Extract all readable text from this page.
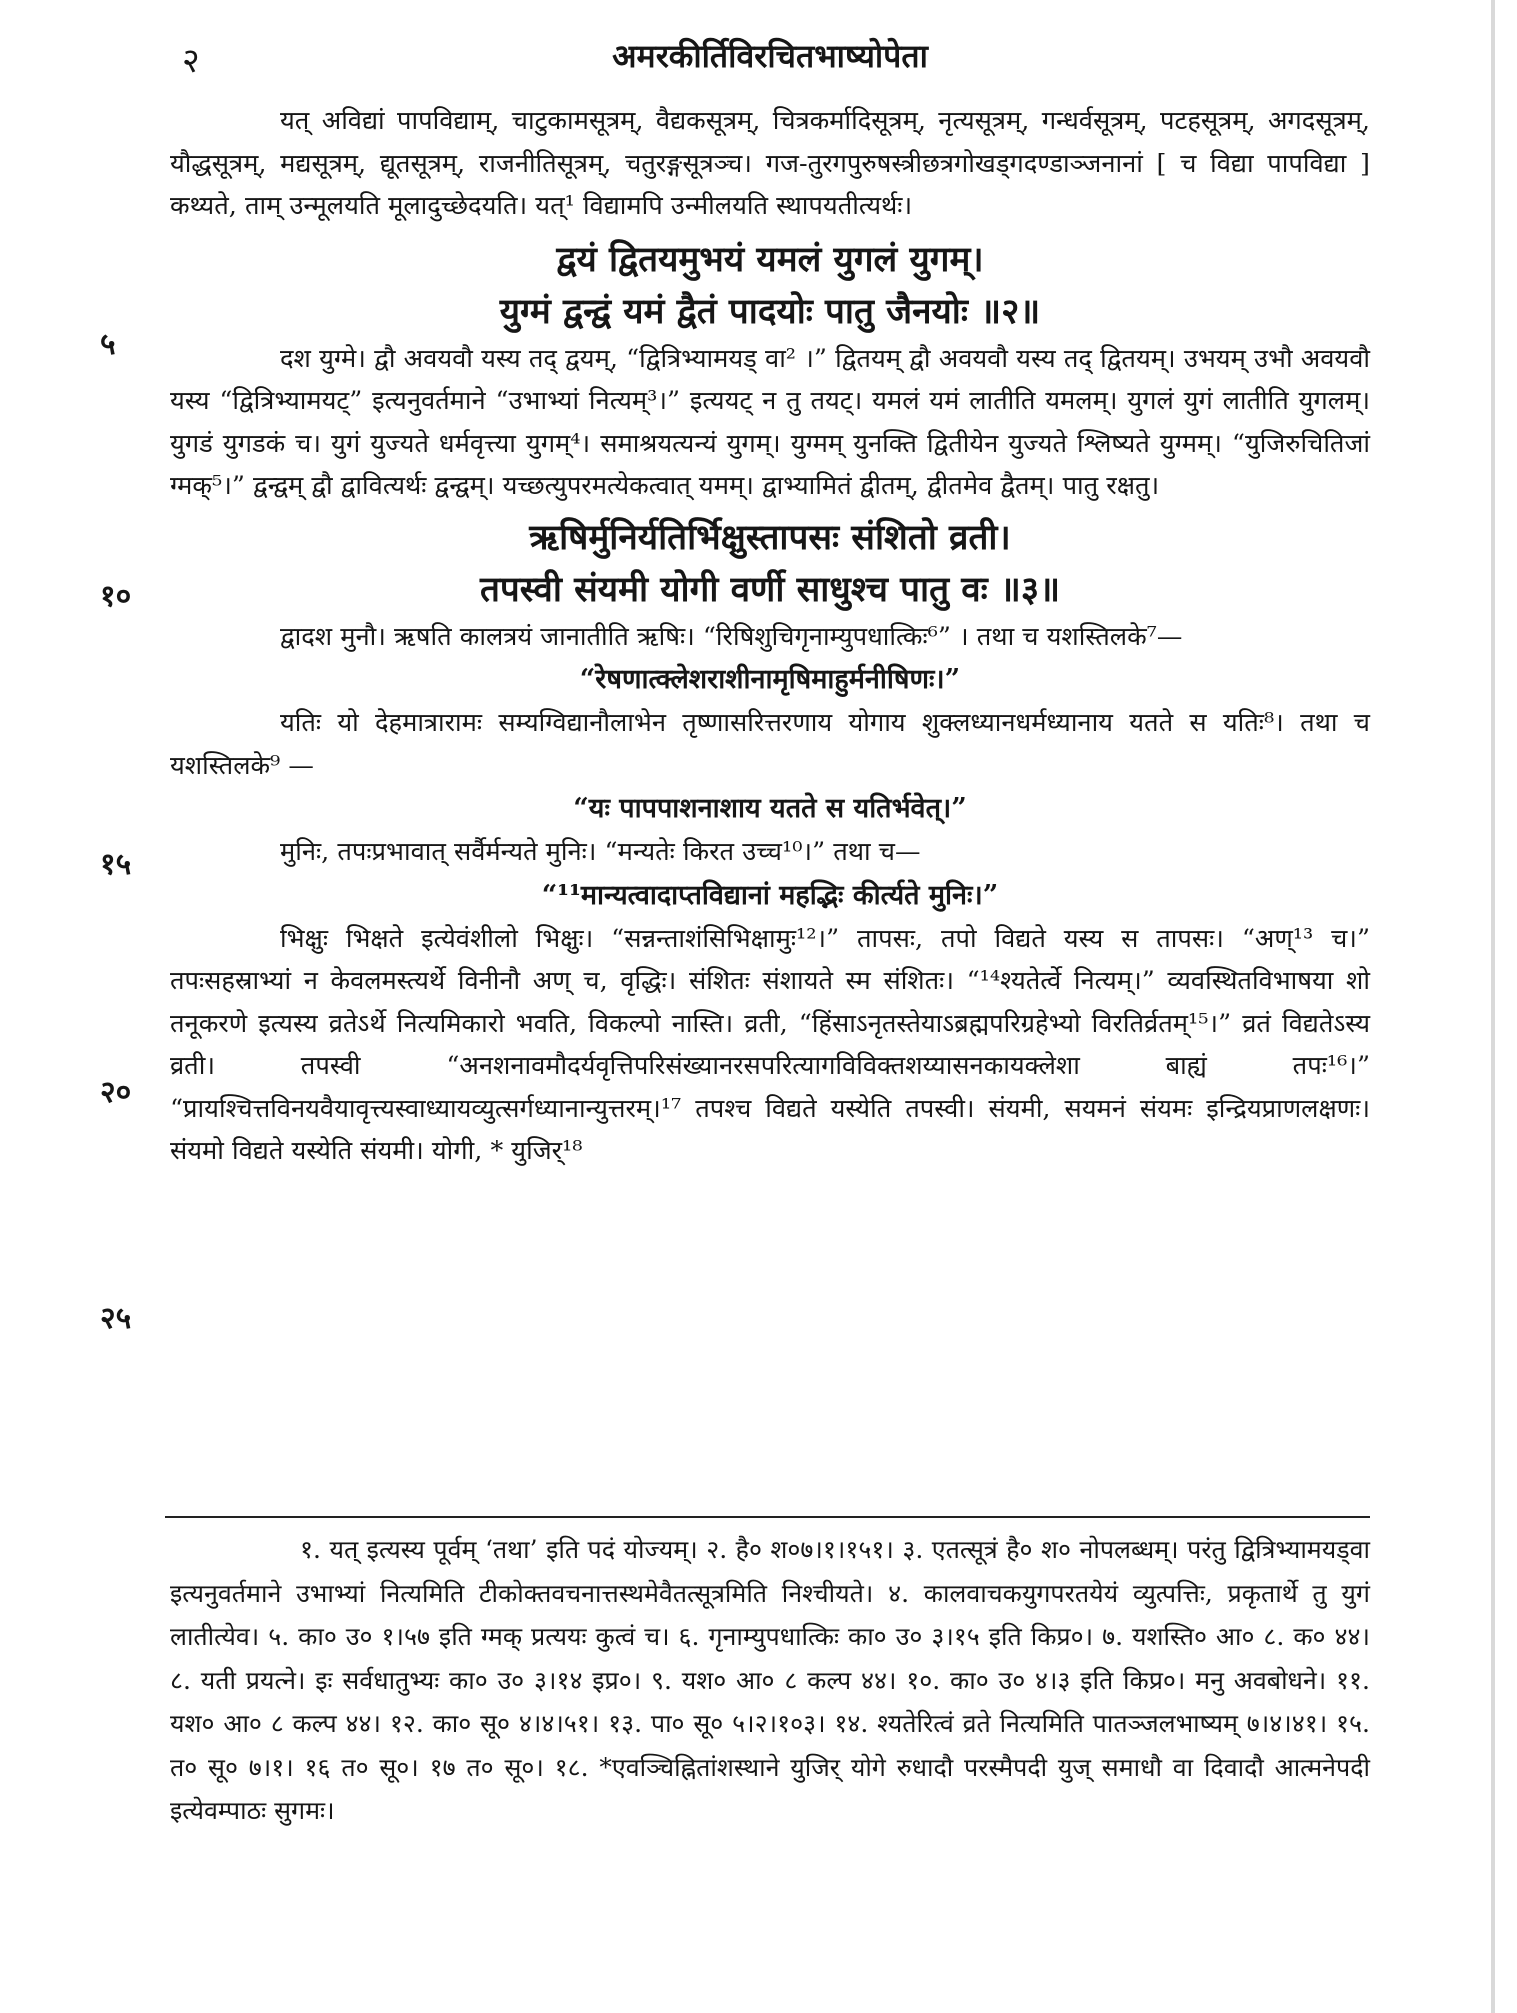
२	अमरकीर्तिविरचितभाष्योपेता
५
१०
१५
२०
२५

यत् अविद्यां पापविद्याम्, चाटुकामसूत्रम्, वैद्यकसूत्रम्, चित्रकर्मादिसूत्रम्, नृत्यसूत्रम्, गन्धर्वसूत्रम्, पटहसूत्रम्, अगदसूत्रम्, यौद्धसूत्रम्, मद्यसूत्रम्, द्यूतसूत्रम्, राजनीतिसूत्रम्, चतुरङ्गसूत्रञ्च। गज-तुरगपुरुषस्त्रीछत्रगोखड्गदण्डाञ्जनानां [ च विद्या पापविद्या ] कथ्यते, ताम् उन्मूलयति मूलादुच्छेदयति। यत्¹ विद्यामपि उन्मीलयति स्थापयतीत्यर्थः।

द्वयं द्वितयमुभयं यमलं युगलं युगम्।

युग्मं द्वन्द्वं यमं द्वैतं पादयोः पातु जैनयोः ॥२॥

दश युग्मे। द्वौ अवयवौ यस्य तद् द्वयम्, “द्वित्रिभ्यामयड् वा² ।” द्वितयम् द्वौ अवयवौ यस्य तद् द्वितयम्। उभयम् उभौ अवयवौ यस्य “द्वित्रिभ्यामयट्” इत्यनुवर्तमाने “उभाभ्यां नित्यम्³।” इत्ययट् न तु तयट्। यमलं यमं लातीति यमलम्। युगलं युगं लातीति युगलम्। युगडं युगडकं च। युगं युज्यते धर्मवृत्त्या युगम्⁴। समाश्रयत्यन्यं युगम्। युग्मम् युनक्ति द्वितीयेन युज्यते श्लिष्यते युग्मम्। “युजिरुचितिजां ग्मक्⁵।” द्वन्द्वम् द्वौ द्वावित्यर्थः द्वन्द्वम्। यच्छत्युपरमत्येकत्वात् यमम्। द्वाभ्यामितं द्वीतम्, द्वीतमेव द्वैतम्। पातु रक्षतु।

ऋषिर्मुनिर्यतिर्भिक्षुस्तापसः संशितो व्रती।

तपस्वी संयमी योगी वर्णी साधुश्च पातु वः ॥३॥

द्वादश मुनौ। ऋषति कालत्रयं जानातीति ऋषिः। “रिषिशुचिगृनाम्युपधात्किः⁶” । तथा च यशस्तिलके⁷—

“रेषणात्क्लेशराशीनामृषिमाहुर्मनीषिणः।”

यतिः यो देहमात्रारामः सम्यग्विद्यानौलाभेन तृष्णासरित्तरणाय योगाय शुक्लध्यानधर्मध्यानाय यतते स यतिः⁸। तथा च यशस्तिलके⁹ —

“यः पापपाशनाशाय यतते स यतिर्भवेत्।”

मुनिः, तपःप्रभावात् सर्वैर्मन्यते मुनिः। “मन्यतेः किरत उच्च¹⁰।” तथा च—

“¹¹मान्यत्वादाप्तविद्यानां महद्भिः कीर्त्यते मुनिः।”

भिक्षुः भिक्षते इत्येवंशीलो भिक्षुः। “सन्नन्ताशंसिभिक्षामुः¹²।” तापसः, तपो विद्यते यस्य स तापसः। “अण्¹³ च।” तपःसहस्राभ्यां न केवलमस्त्यर्थे विनीनौ अण् च, वृद्धिः। संशितः संशायते स्म संशितः। “¹⁴श्यतेर्त्वे नित्यम्।” व्यवस्थितविभाषया शो तनूकरणे इत्यस्य व्रतेऽर्थे नित्यमिकारो भवति, विकल्पो नास्ति। व्रती, “हिंसाऽनृतस्तेयाऽब्रह्मपरिग्रहेभ्यो विरतिर्व्रतम्¹⁵।” व्रतं विद्यतेऽस्य व्रती। तपस्वी “अनशनावमौदर्यवृत्तिपरिसंख्यानरसपरित्यागविविक्तशय्यासनकायक्लेशा बाह्यं तपः¹⁶।” “प्रायश्चित्तविनयवैयावृत्त्यस्वाध्यायव्युत्सर्गध्यानान्युत्तरम्।¹⁷ तपश्च विद्यते यस्येति तपस्वी। संयमी, सयमनं संयमः इन्द्रियप्राणलक्षणः। संयमो विद्यते यस्येति संयमी। योगी, * युजिर्¹⁸

१. यत् इत्यस्य पूर्वम् ‘तथा’ इति पदं योज्यम्। २. है० श०७।१।१५१। ३. एतत्सूत्रं है० श० नोपलब्धम्। परंतु द्वित्रिभ्यामयड्वा इत्यनुवर्तमाने उभाभ्यां नित्यमिति टीकोक्तवचनात्तस्थमेवैतत्सूत्रमिति निश्चीयते। ४. कालवाचकयुगपरतयेयं व्युत्पत्तिः, प्रकृतार्थे तु युगं लातीत्येव। ५. का० उ० १।५७ इति ग्मक् प्रत्ययः कुत्वं च। ६. गृनाम्युपधात्किः का० उ० ३।१५ इति किप्र०। ७. यशस्ति० आ० ८. क० ४४। ८. यती प्रयत्ने। इः सर्वधातुभ्यः का० उ० ३।१४ इप्र०। ९. यश० आ० ८ कल्प ४४। १०. का० उ० ४।३ इति किप्र०। मनु अवबोधने। ११. यश० आ० ८ कल्प ४४। १२. का० सू० ४।४।५१। १३. पा० सू० ५।२।१०३। १४. श्यतेरित्वं व्रते नित्यमिति पातञ्जलभाष्यम् ७।४।४१। १५. त० सू० ७।१। १६ त० सू०। १७ त० सू०। १८. *एवञ्चिह्नितांशस्थाने युजिर् योगे रुधादौ परस्मैपदी युज् समाधौ वा दिवादौ आत्मनेपदी इत्येवम्पाठः सुगमः।
